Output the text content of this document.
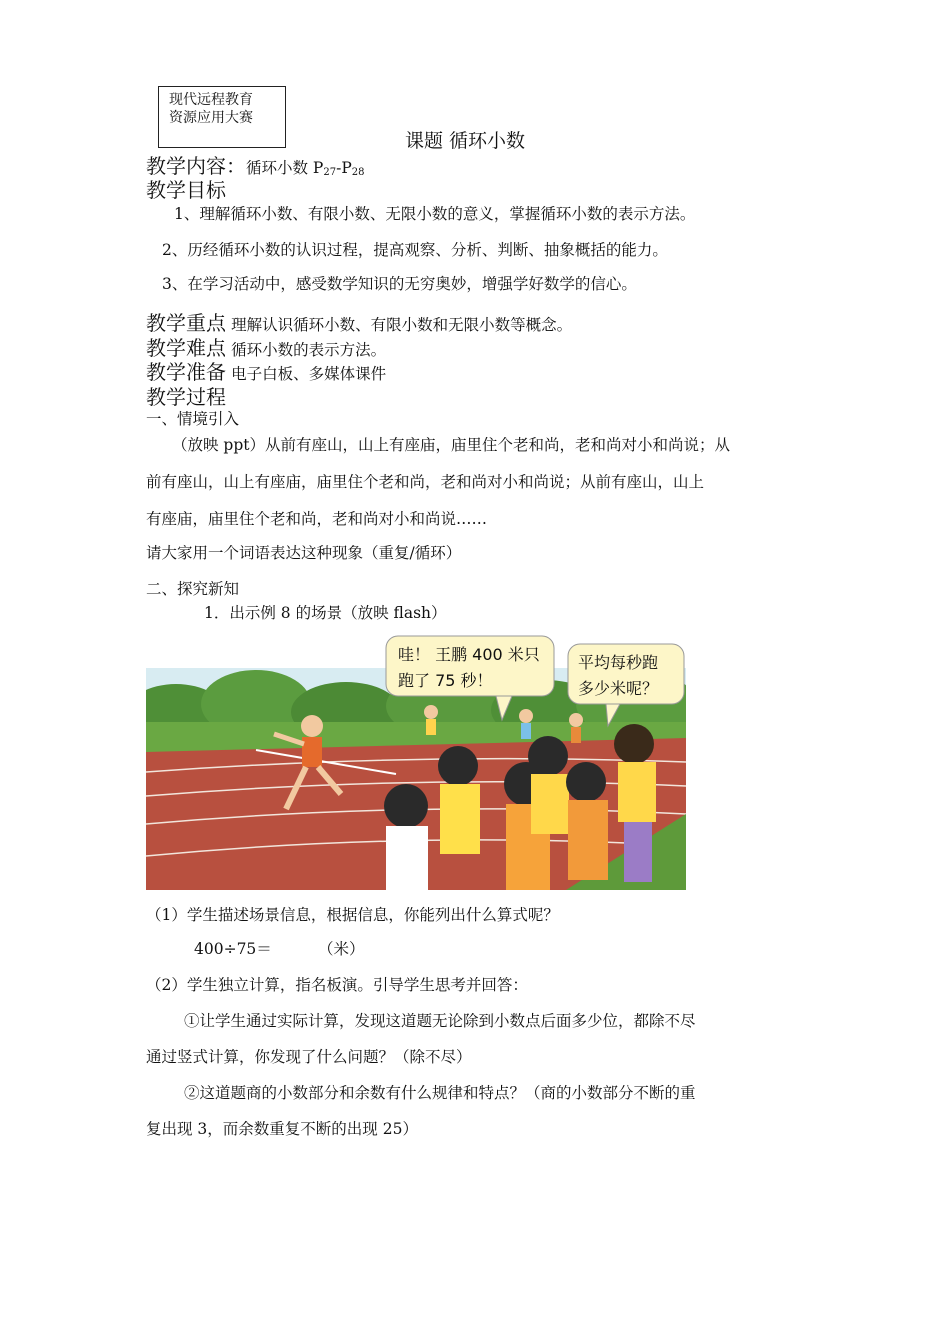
现代远程教育
资源应用大赛
课题 循环小数
教学内容：循环小数 $P_{27}-P_{28}$
教学目标
1、理解循环小数、有限小数、无限小数的意义，掌握循环小数的表示方法。
2、历经循环小数的认识过程，提高观察、分析、判断、抽象概括的能力。
3、在学习活动中，感受数学知识的无穷奥妙，增强学好数学的信心。
教学重点 理解认识循环小数、有限小数和无限小数等概念。
教学难点 循环小数的表示方法。
教学准备 电子白板、多媒体课件
教学过程
一、情境引入
（放映 ppt）从前有座山，山上有座庙，庙里住个老和尚，老和尚对小和尚说；从
前有座山，山上有座庙，庙里住个老和尚，老和尚对小和尚说；从前有座山，山上
有座庙，庙里住个老和尚，老和尚对小和尚说……
请大家用一个词语表达这种现象（重复/循环）
二、探究新知
1．出示例 8 的场景（放映 flash）
哇！ 王鹏 400 米只
跑了 75 秒！
平均每秒跑
多少米呢？
（1）学生描述场景信息，根据信息，你能列出什么算式呢？
400÷75＝	（米）
（2）学生独立计算，指名板演。引导学生思考并回答：
①让学生通过实际计算，发现这道题无论除到小数点后面多少位，都除不尽
通过竖式计算，你发现了什么问题？（除不尽）
②这道题商的小数部分和余数有什么规律和特点？（商的小数部分不断的重
复出现 3，而余数重复不断的出现 25）
